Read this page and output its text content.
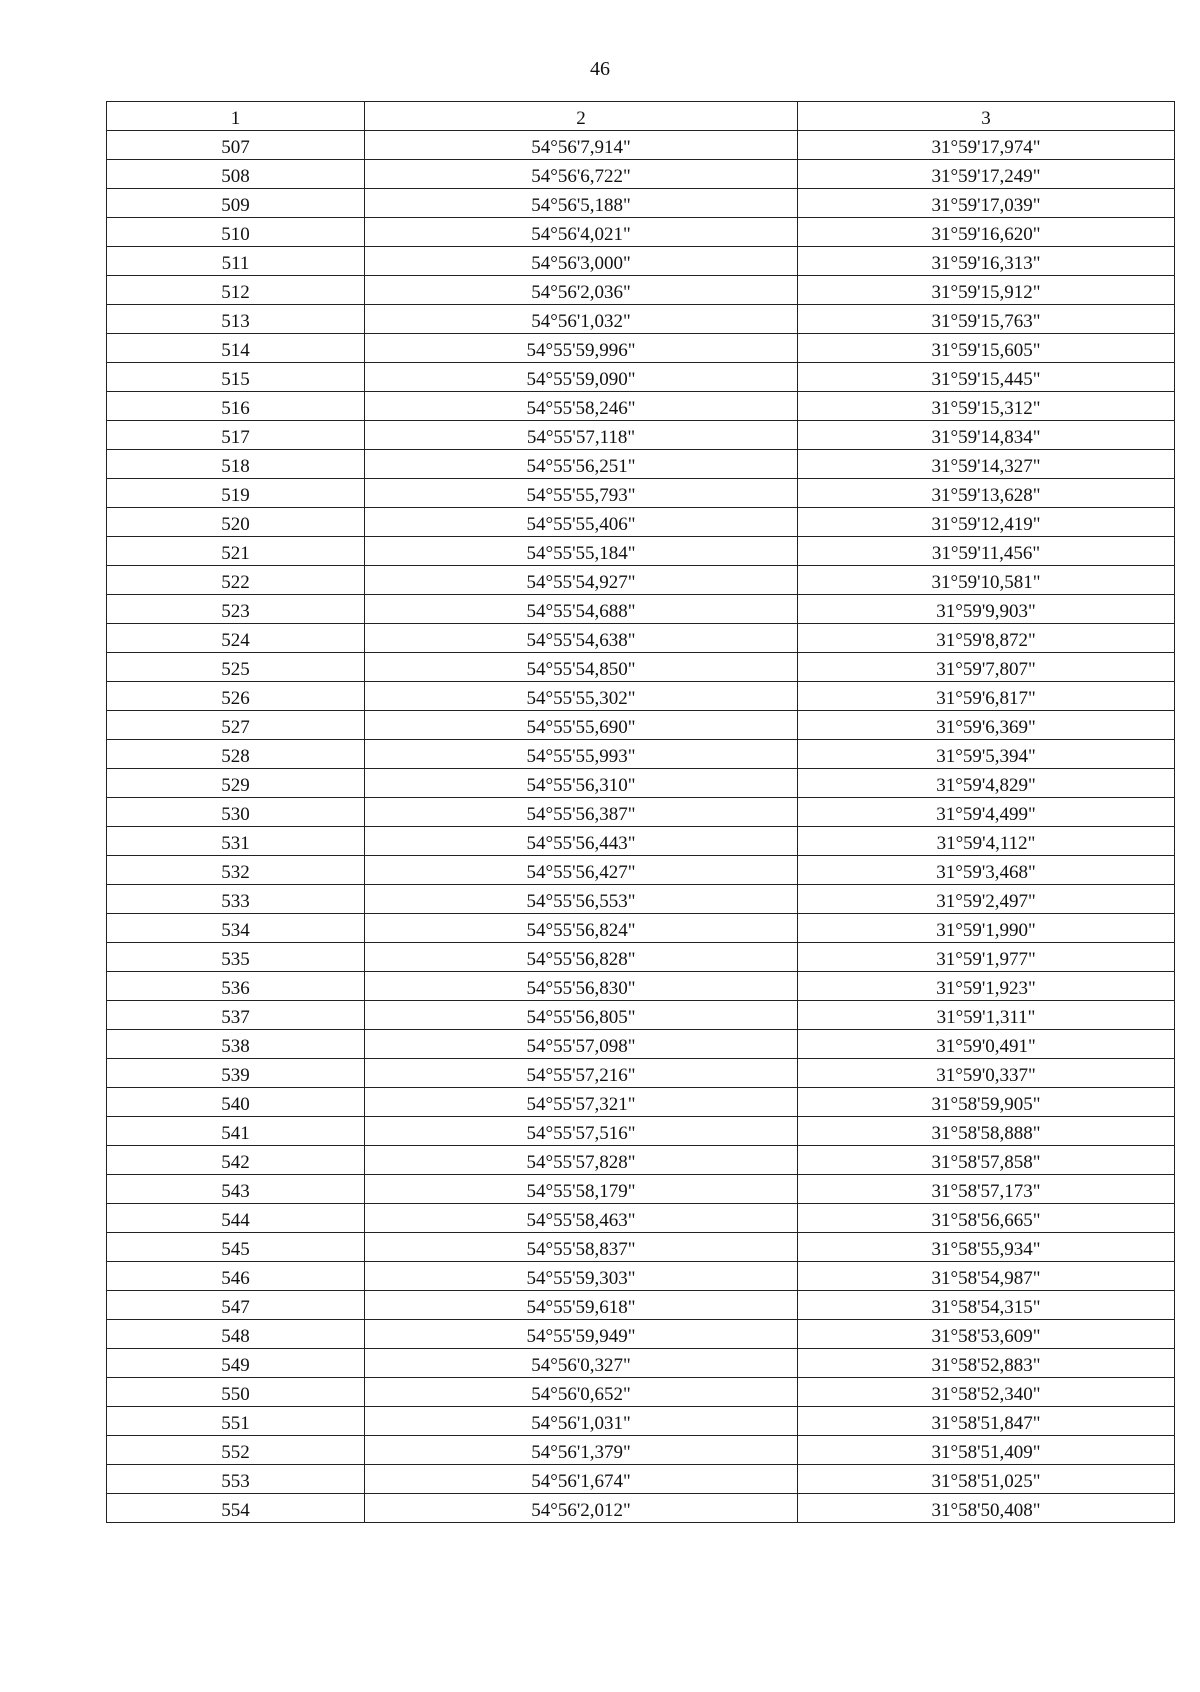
46
1	2	3
507	54°56'7,914"	31°59'17,974"
508	54°56'6,722"	31°59'17,249"
509	54°56'5,188"	31°59'17,039"
510	54°56'4,021"	31°59'16,620"
511	54°56'3,000"	31°59'16,313"
512	54°56'2,036"	31°59'15,912"
513	54°56'1,032"	31°59'15,763"
514	54°55'59,996"	31°59'15,605"
515	54°55'59,090"	31°59'15,445"
516	54°55'58,246"	31°59'15,312"
517	54°55'57,118"	31°59'14,834"
518	54°55'56,251"	31°59'14,327"
519	54°55'55,793"	31°59'13,628"
520	54°55'55,406"	31°59'12,419"
521	54°55'55,184"	31°59'11,456"
522	54°55'54,927"	31°59'10,581"
523	54°55'54,688"	31°59'9,903"
524	54°55'54,638"	31°59'8,872"
525	54°55'54,850"	31°59'7,807"
526	54°55'55,302"	31°59'6,817"
527	54°55'55,690"	31°59'6,369"
528	54°55'55,993"	31°59'5,394"
529	54°55'56,310"	31°59'4,829"
530	54°55'56,387"	31°59'4,499"
531	54°55'56,443"	31°59'4,112"
532	54°55'56,427"	31°59'3,468"
533	54°55'56,553"	31°59'2,497"
534	54°55'56,824"	31°59'1,990"
535	54°55'56,828"	31°59'1,977"
536	54°55'56,830"	31°59'1,923"
537	54°55'56,805"	31°59'1,311"
538	54°55'57,098"	31°59'0,491"
539	54°55'57,216"	31°59'0,337"
540	54°55'57,321"	31°58'59,905"
541	54°55'57,516"	31°58'58,888"
542	54°55'57,828"	31°58'57,858"
543	54°55'58,179"	31°58'57,173"
544	54°55'58,463"	31°58'56,665"
545	54°55'58,837"	31°58'55,934"
546	54°55'59,303"	31°58'54,987"
547	54°55'59,618"	31°58'54,315"
548	54°55'59,949"	31°58'53,609"
549	54°56'0,327"	31°58'52,883"
550	54°56'0,652"	31°58'52,340"
551	54°56'1,031"	31°58'51,847"
552	54°56'1,379"	31°58'51,409"
553	54°56'1,674"	31°58'51,025"
554	54°56'2,012"	31°58'50,408"
